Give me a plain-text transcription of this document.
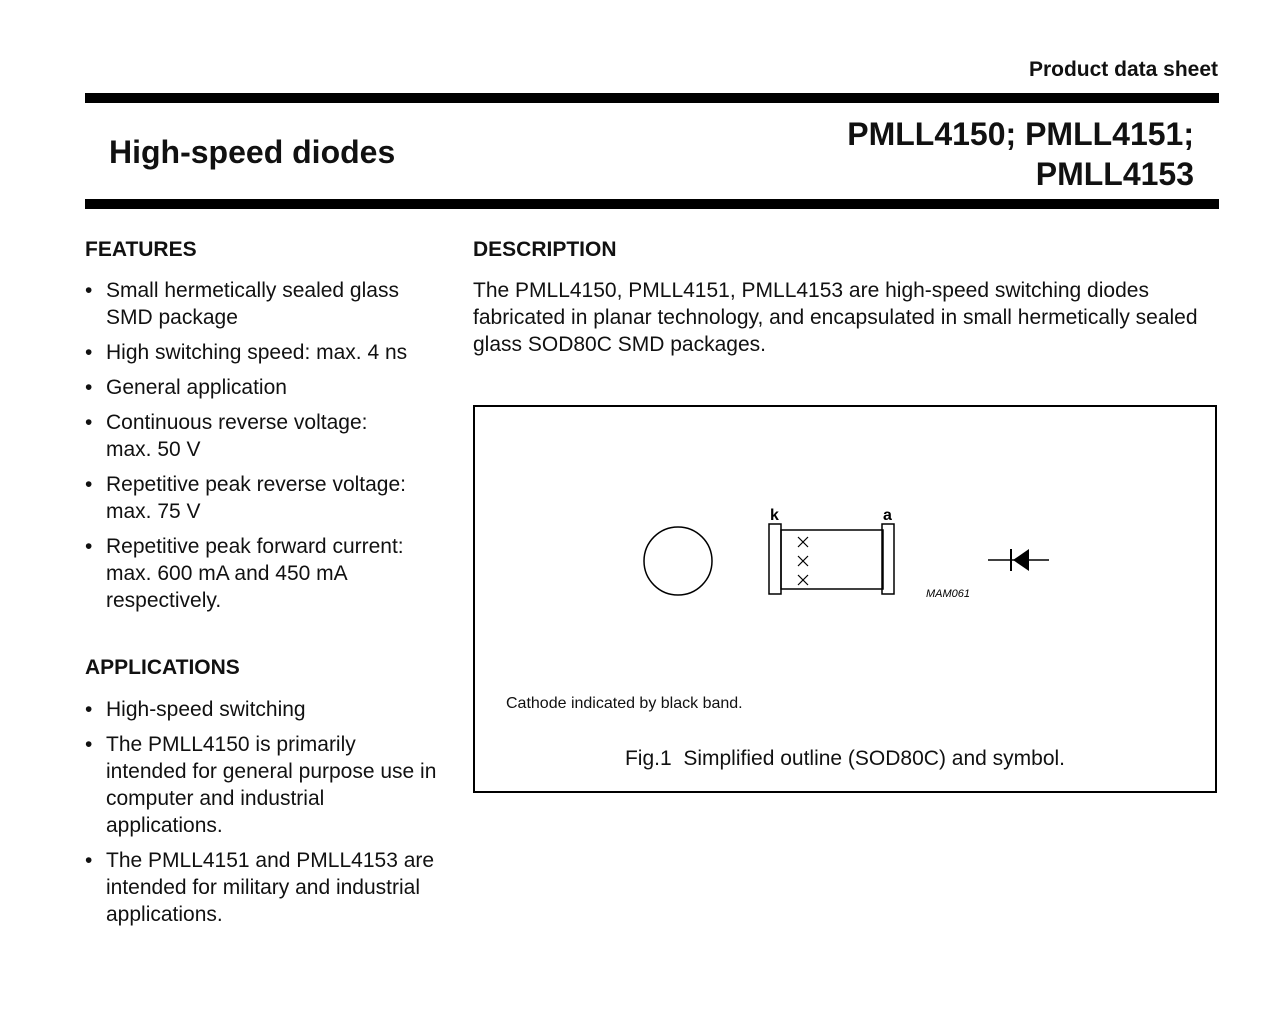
Product data sheet
High-speed diodes	PMLL4150; PMLL4151;
PMLL4153
FEATURES
• Small hermetically sealed glass
SMD package
• High switching speed: max. 4 ns
• General application
• Continuous reverse voltage:
max. 50 V
• Repetitive peak reverse voltage:
max. 75 V
• Repetitive peak forward current:
max. 600 mA and 450 mA
respectively.
APPLICATIONS
• High-speed switching
• The PMLL4150 is primarily
intended for general purpose use in
computer and industrial
applications.
• The PMLL4151 and PMLL4153 are
intended for military and industrial
applications.
DESCRIPTION
The PMLL4150, PMLL4151, PMLL4153 are high-speed switching diodes
fabricated in planar technology, and encapsulated in small hermetically sealed
glass SOD80C SMD packages.
k	a
MAM061
Cathode indicated by black band.
Fig.1  Simplified outline (SOD80C) and symbol.
